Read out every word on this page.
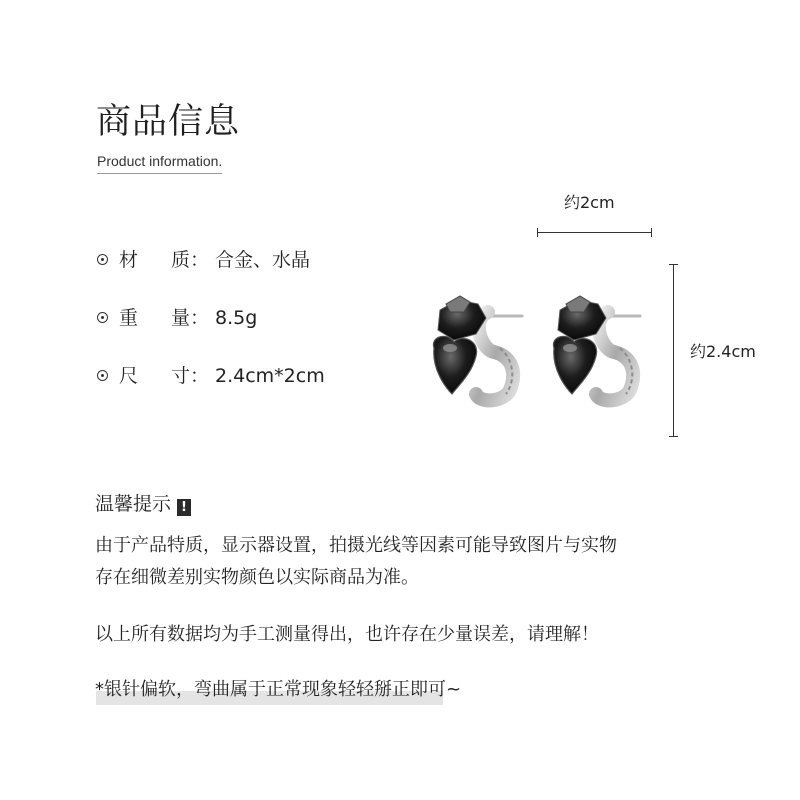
商品信息
Product information.
材 质： 合金、水晶
重 量： 8.5g
尺 寸： 2.4cm*2cm
约2cm
约2.4cm
温馨提示 !
由于产品特质，显示器设置，拍摄光线等因素可能导致图片与实物
存在细微差别实物颜色以实际商品为准。
以上所有数据均为手工测量得出，也许存在少量误差，请理解！
*银针偏软，弯曲属于正常现象轻轻掰正即可~
